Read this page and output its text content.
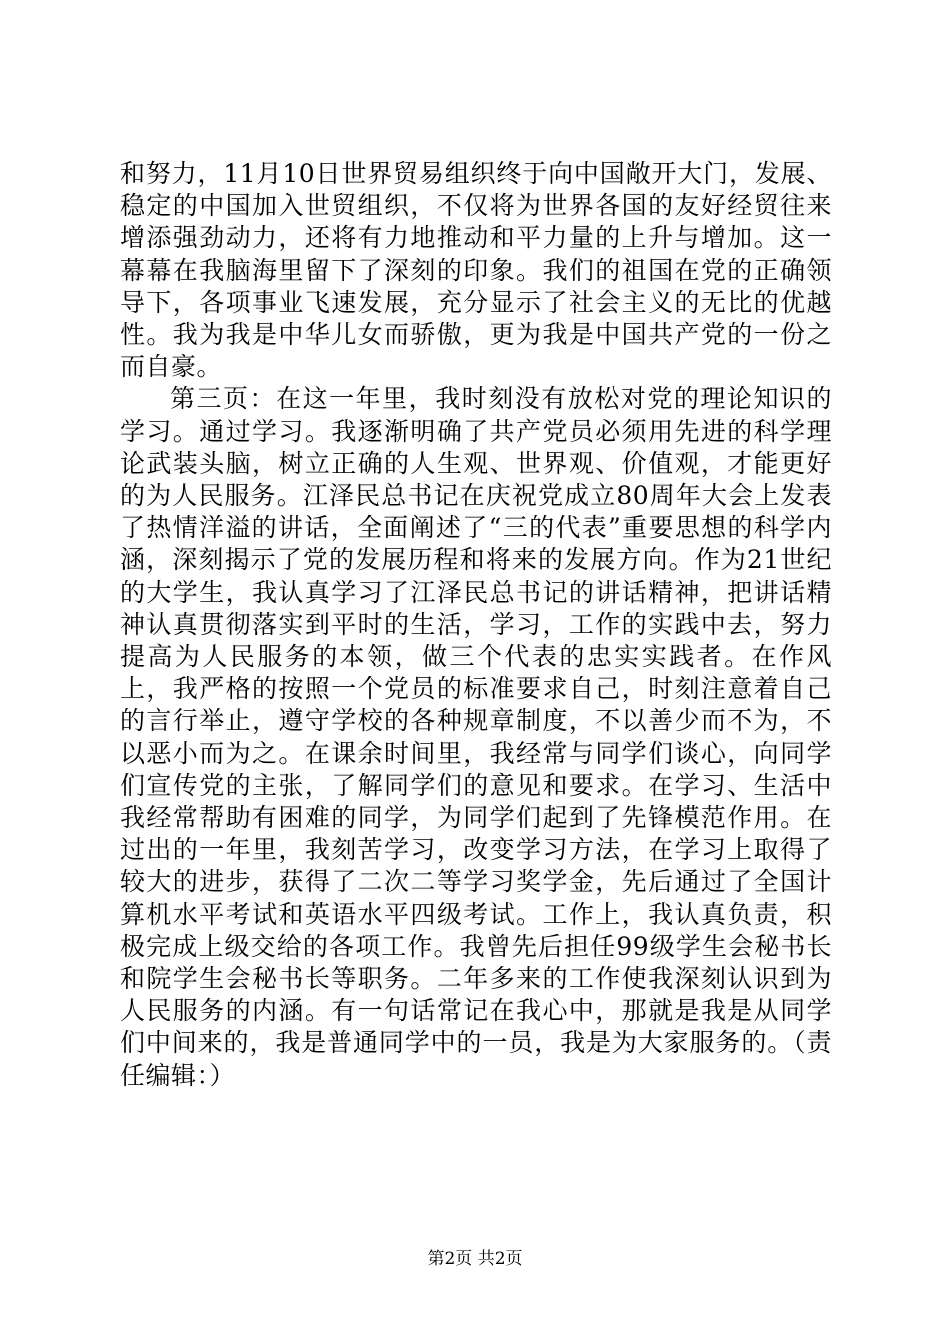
和努力，11月10日世界贸易组织终于向中国敞开大门，发展、稳定的中国加入世贸组织，不仅将为世界各国的友好经贸往来增添强劲动力，还将有力地推动和平力量的上升与增加。这一幕幕在我脑海里留下了深刻的印象。我们的祖国在党的正确领导下，各项事业飞速发展，充分显示了社会主义的无比的优越性。我为我是中华儿女而骄傲，更为我是中国共产党的一份之而自豪。

第三页：在这一年里，我时刻没有放松对党的理论知识的学习。通过学习。我逐渐明确了共产党员必须用先进的科学理论武装头脑，树立正确的人生观、世界观、价值观，才能更好的为人民服务。江泽民总书记在庆祝党成立80周年大会上发表了热情洋溢的讲话，全面阐述了“三的代表”重要思想的科学内涵，深刻揭示了党的发展历程和将来的发展方向。作为21世纪的大学生，我认真学习了江泽民总书记的讲话精神，把讲话精神认真贯彻落实到平时的生活，学习，工作的实践中去，努力提高为人民服务的本领，做三个代表的忠实实践者。在作风上，我严格的按照一个党员的标准要求自己，时刻注意着自己的言行举止，遵守学校的各种规章制度，不以善少而不为，不以恶小而为之。在课余时间里，我经常与同学们谈心，向同学们宣传党的主张，了解同学们的意见和要求。在学习、生活中我经常帮助有困难的同学，为同学们起到了先锋模范作用。在过出的一年里，我刻苦学习，改变学习方法，在学习上取得了较大的进步，获得了二次二等学习奖学金，先后通过了全国计算机水平考试和英语水平四级考试。工作上，我认真负责，积极完成上级交给的各项工作。我曾先后担任99级学生会秘书长和院学生会秘书长等职务。二年多来的工作使我深刻认识到为人民服务的内涵。有一句话常记在我心中，那就是我是从同学们中间来的，我是普通同学中的一员，我是为大家服务的。（责任编辑：）

第2页 共2页
